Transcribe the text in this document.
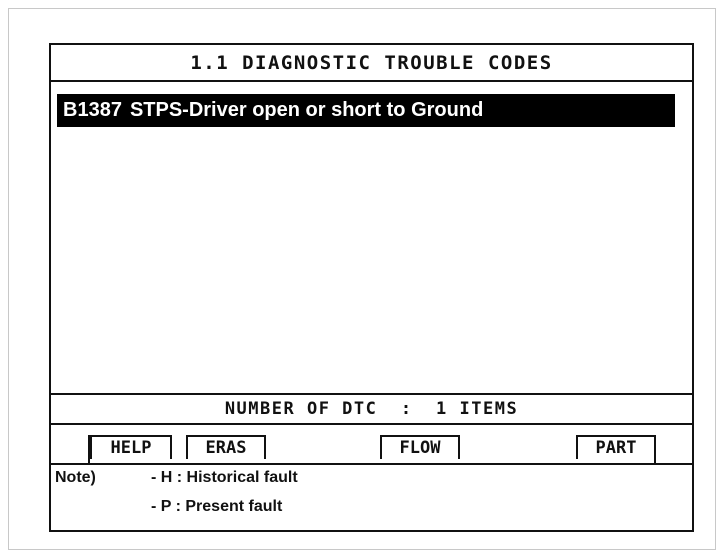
1.1 DIAGNOSTIC TROUBLE CODES
B1387 STPS-Driver open or short to Ground
NUMBER OF DTC  :  1 ITEMS
HELP	ERAS	FLOW	PART
Note)	- H : Historical fault
- P : Present fault
